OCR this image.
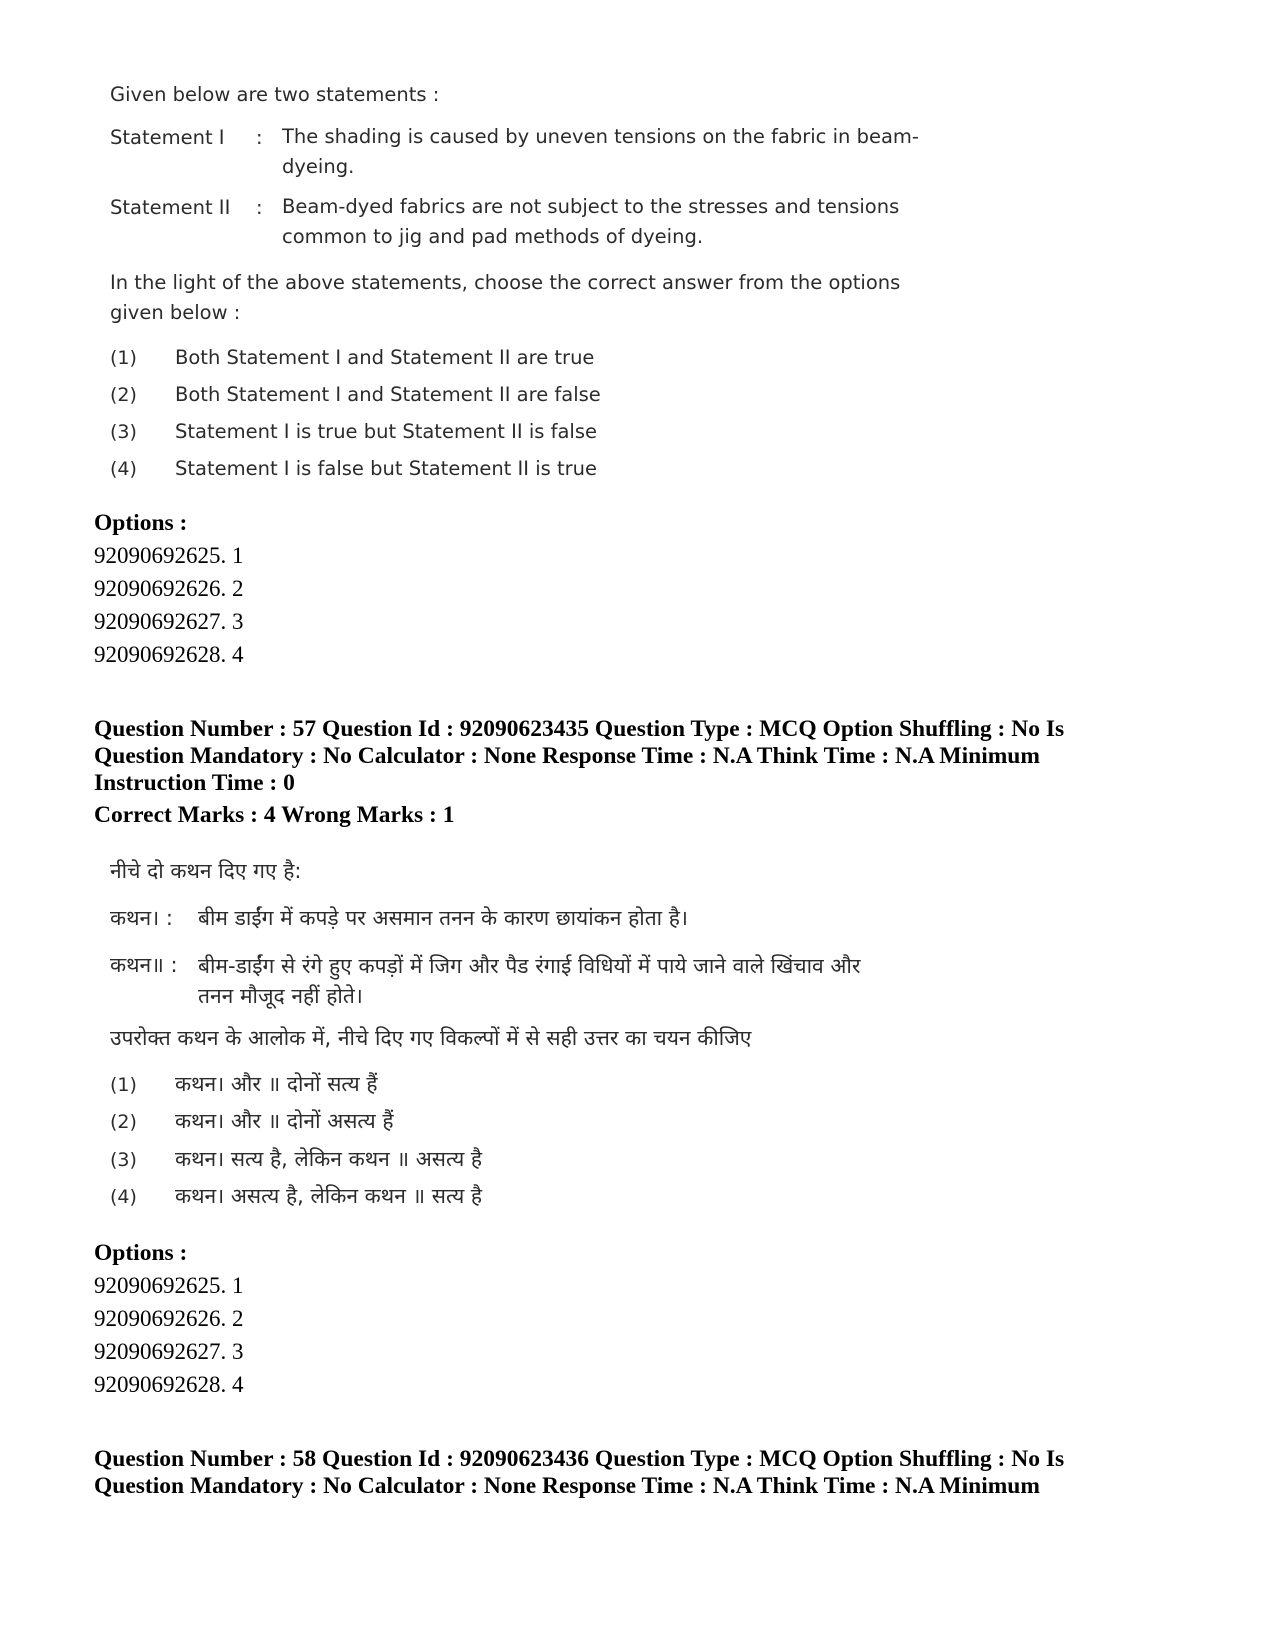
Given below are two statements :
Statement I : The shading is caused by uneven tensions on the fabric in beam-
dyeing.
Statement II : Beam-dyed fabrics are not subject to the stresses and tensions
common to jig and pad methods of dyeing.
In the light of the above statements, choose the correct answer from the options
given below :
(1) Both Statement I and Statement II are true
(2) Both Statement I and Statement II are false
(3) Statement I is true but Statement II is false
(4) Statement I is false but Statement II is true
Options :
92090692625. 1
92090692626. 2
92090692627. 3
92090692628. 4
Question Number : 57 Question Id : 92090623435 Question Type : MCQ Option Shuffling : No Is
Question Mandatory : No Calculator : None Response Time : N.A Think Time : N.A Minimum
Instruction Time : 0
Correct Marks : 4 Wrong Marks : 1
नीचे दो कथन दिए गए है:
कथन। : बीम डाईंग में कपड़े पर असमान तनन के कारण छायांकन होता है।
कथन॥ : बीम-डाईंग से रंगे हुए कपड़ों में जिग और पैड रंगाई विधियों में पाये जाने वाले खिंचाव और
तनन मौजूद नहीं होते।
उपरोक्त कथन के आलोक में, नीचे दिए गए विकल्पों में से सही उत्तर का चयन कीजिए
(1) कथन। और ॥ दोनों सत्य हैं
(2) कथन। और ॥ दोनों असत्य हैं
(3) कथन। सत्य है, लेकिन कथन ॥ असत्य है
(4) कथन। असत्य है, लेकिन कथन ॥ सत्य है
Options :
92090692625. 1
92090692626. 2
92090692627. 3
92090692628. 4
Question Number : 58 Question Id : 92090623436 Question Type : MCQ Option Shuffling : No Is
Question Mandatory : No Calculator : None Response Time : N.A Think Time : N.A Minimum
